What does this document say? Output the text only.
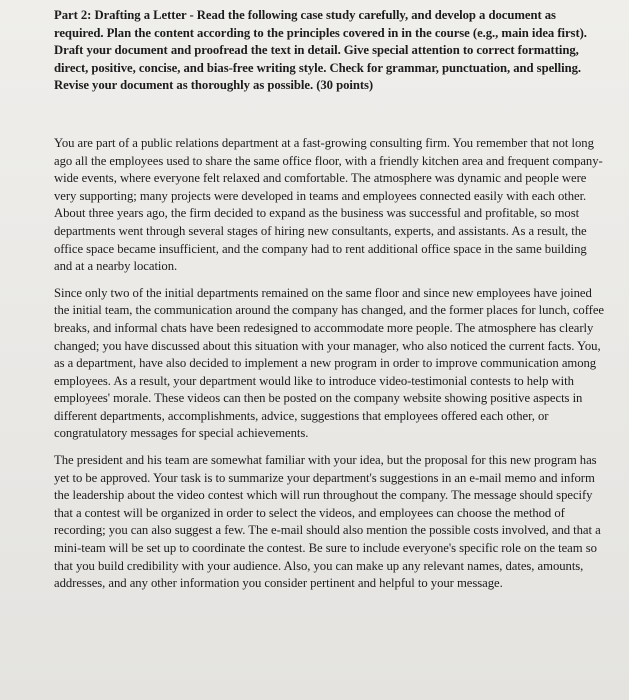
Part 2: Drafting a Letter - Read the following case study carefully, and develop a document as required. Plan the content according to the principles covered in in the course (e.g., main idea first). Draft your document and proofread the text in detail. Give special attention to correct formatting, direct, positive, concise, and bias-free writing style. Check for grammar, punctuation, and spelling. Revise your document as thoroughly as possible. (30 points)

You are part of a public relations department at a fast-growing consulting firm. You remember that not long ago all the employees used to share the same office floor, with a friendly kitchen area and frequent company-wide events, where everyone felt relaxed and comfortable. The atmosphere was dynamic and people were very supporting; many projects were developed in teams and employees connected easily with each other. About three years ago, the firm decided to expand as the business was successful and profitable, so most departments went through several stages of hiring new consultants, experts, and assistants. As a result, the office space became insufficient, and the company had to rent additional office space in the same building and at a nearby location.

Since only two of the initial departments remained on the same floor and since new employees have joined the initial team, the communication around the company has changed, and the former places for lunch, coffee breaks, and informal chats have been redesigned to accommodate more people. The atmosphere has clearly changed; you have discussed about this situation with your manager, who also noticed the current facts. You, as a department, have also decided to implement a new program in order to improve communication among employees. As a result, your department would like to introduce video-testimonial contests to help with employees' morale. These videos can then be posted on the company website showing positive aspects in different departments, accomplishments, advice, suggestions that employees offered each other, or congratulatory messages for special achievements.

The president and his team are somewhat familiar with your idea, but the proposal for this new program has yet to be approved. Your task is to summarize your department's suggestions in an e-mail memo and inform the leadership about the video contest which will run throughout the company. The message should specify that a contest will be organized in order to select the videos, and employees can choose the method of recording; you can also suggest a few. The e-mail should also mention the possible costs involved, and that a mini-team will be set up to coordinate the contest. Be sure to include everyone's specific role on the team so that you build credibility with your audience. Also, you can make up any relevant names, dates, amounts, addresses, and any other information you consider pertinent and helpful to your message.
